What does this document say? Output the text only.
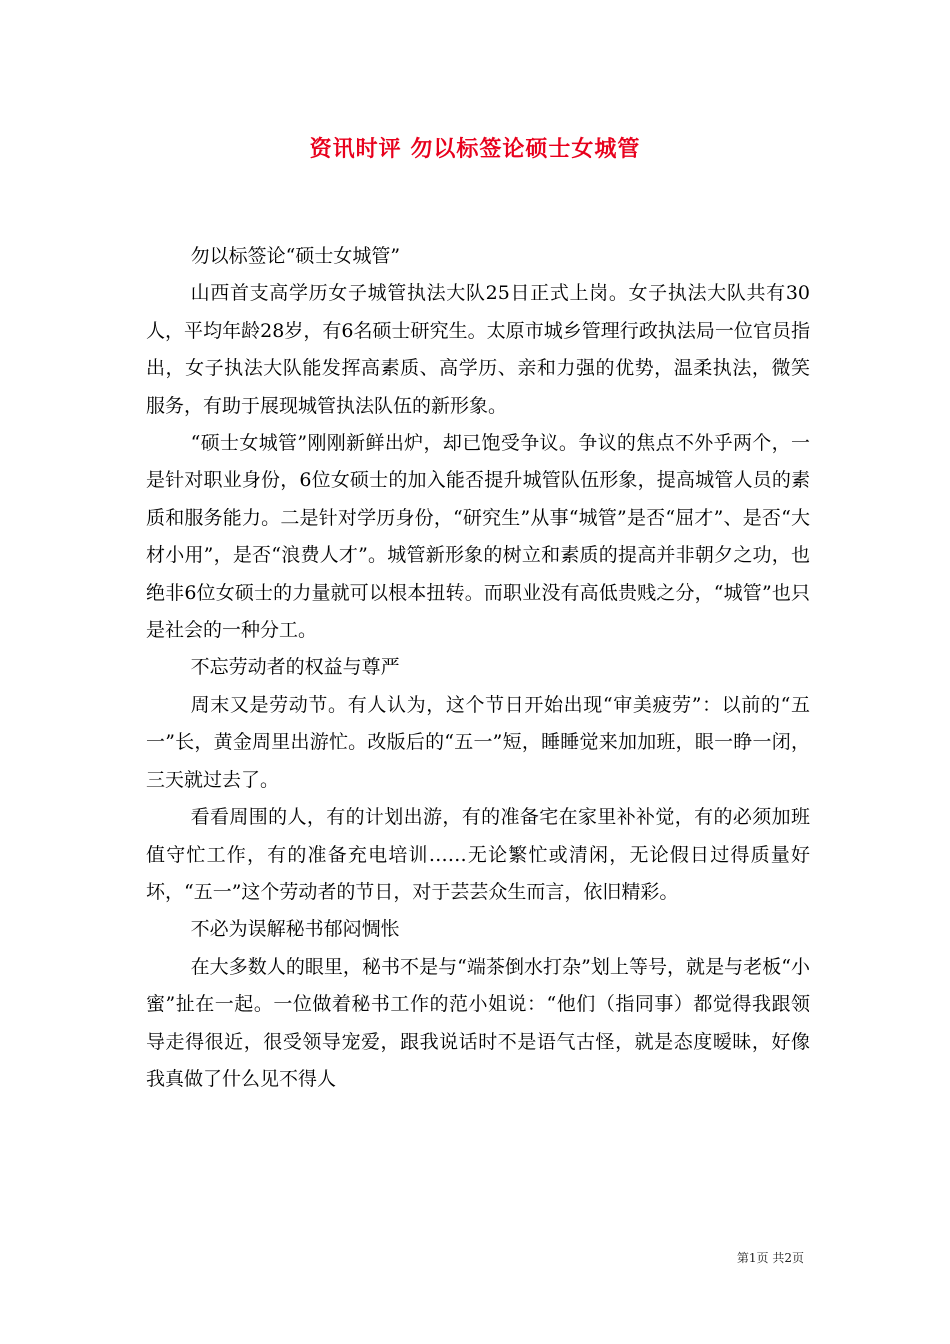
资讯时评 勿以标签论硕士女城管

勿以标签论“硕士女城管”

山西首支高学历女子城管执法大队25日正式上岗。女子执法大队共有30人，平均年龄28岁，有6名硕士研究生。太原市城乡管理行政执法局一位官员指出，女子执法大队能发挥高素质、高学历、亲和力强的优势，温柔执法，微笑服务，有助于展现城管执法队伍的新形象。

“硕士女城管”刚刚新鲜出炉，却已饱受争议。争议的焦点不外乎两个，一是针对职业身份，6位女硕士的加入能否提升城管队伍形象，提高城管人员的素质和服务能力。二是针对学历身份，“研究生”从事“城管”是否“屈才”、是否“大材小用”，是否“浪费人才”。城管新形象的树立和素质的提高并非朝夕之功，也绝非6位女硕士的力量就可以根本扭转。而职业没有高低贵贱之分，“城管”也只是社会的一种分工。

不忘劳动者的权益与尊严

周末又是劳动节。有人认为，这个节日开始出现“审美疲劳”：以前的“五一”长，黄金周里出游忙。改版后的“五一”短，睡睡觉来加加班，眼一睁一闭，三天就过去了。

看看周围的人，有的计划出游，有的准备宅在家里补补觉，有的必须加班值守忙工作，有的准备充电培训……无论繁忙或清闲，无论假日过得质量好坏，“五一”这个劳动者的节日，对于芸芸众生而言，依旧精彩。

不必为误解秘书郁闷惆怅

在大多数人的眼里，秘书不是与“端茶倒水打杂”划上等号，就是与老板“小蜜”扯在一起。一位做着秘书工作的范小姐说：“他们（指同事）都觉得我跟领导走得很近，很受领导宠爱，跟我说话时不是语气古怪，就是态度暧昧，好像我真做了什么见不得人

第1页 共2页
